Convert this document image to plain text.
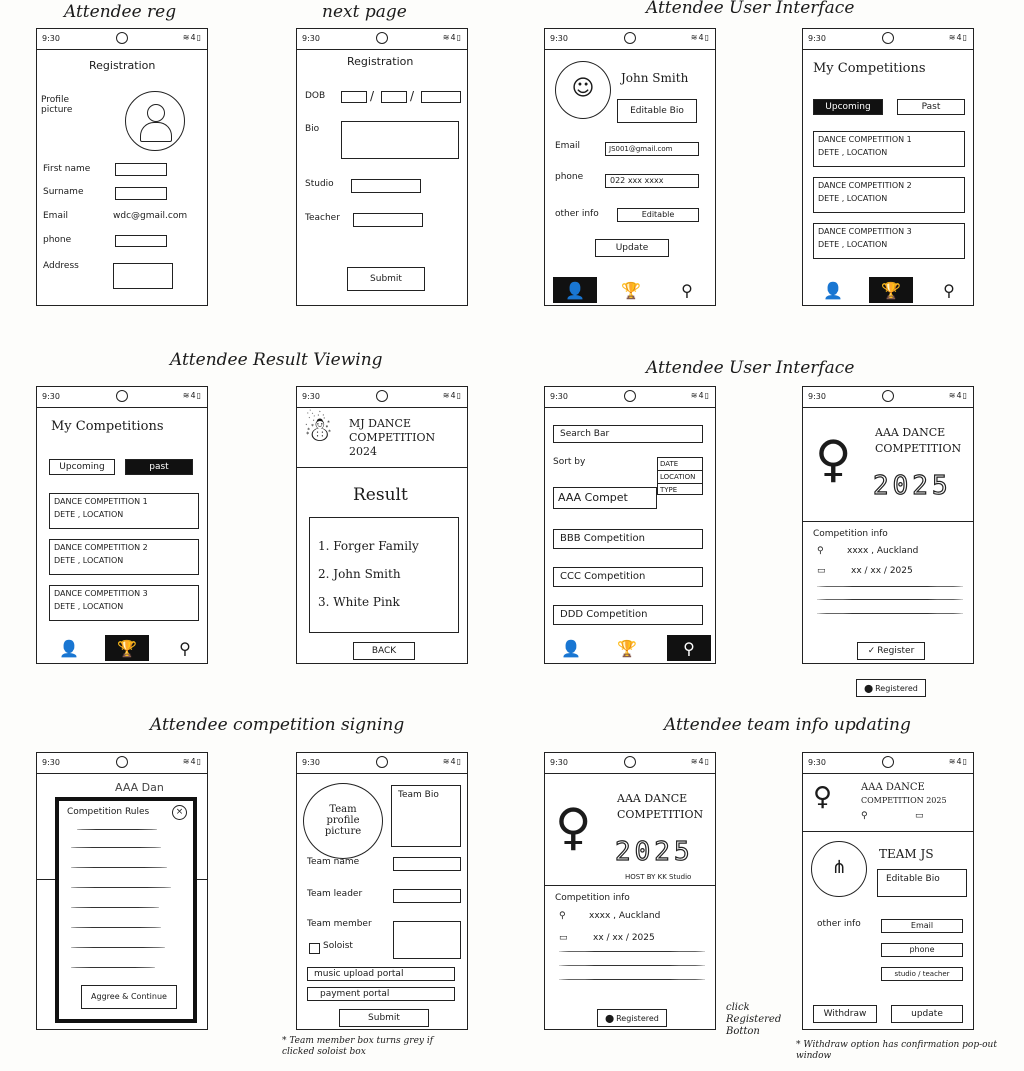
Attendee reg	next page	Attendee User Interface
Attendee Result Viewing	Attendee User Interface
Attendee competition signing	Attendee team info updating
9:30	≋4▯
Registration
Profile picture
First name
Surname
Email	wdc@gmail.com
phone
Address
9:30	≋4▯
Registration
DOB	/	/
Bio
Studio
Teacher
Submit
9:30	≋4▯
☺	John Smith
Editable Bio
Email	JS001@gmail.com
phone	022 xxx xxxx
other info	Editable
Update
👤	🏆	⚲
9:30	≋4▯
My Competitions
Upcoming	Past
DANCE COMPETITION 1
DETE , LOCATION
DANCE COMPETITION 2
DETE , LOCATION
DANCE COMPETITION 3
DETE , LOCATION
👤	🏆	⚲
9:30	≋4▯
My Competitions
Upcoming	past
DANCE COMPETITION 1
DETE , LOCATION
DANCE COMPETITION 2
DETE , LOCATION
DANCE COMPETITION 3
DETE , LOCATION
👤	🏆	⚲
9:30	≋4▯
☃ MJ DANCE
COMPETITION
2024
Result
1. Forger Family
2. John Smith
3. White Pink
BACK
9:30	≋4▯
Search Bar
Sort by	DATE
LOCATION
TYPE
AAA Compet
BBB Competition
CCC Competition
DDD Competition
👤	🏆	⚲
9:30	≋4▯
♀ AAA DANCE
COMPETITION
2025
Competition info
⚲	xxxx , Auckland
▭	xx / xx / 2025
✓ Register
⬤ Registered
9:30	≋4▯
AAA Dan
Competition Rules	×
Aggree & Continue
9:30	≋4▯
Team profile picture
Team Bio
Team name
Team leader
Team member
Soloist
music upload portal
payment portal
Submit
* Team member box turns grey if clicked soloist box
9:30	≋4▯
♀ AAA DANCE
COMPETITION
2025
HOST BY KK Studio
Competition info
⚲	xxxx , Auckland
▭	xx / xx / 2025
⬤ Registered
click Registered Botton
9:30	≋4▯
♀	AAA DANCE
COMPETITION 2025
⚲	▭
⋔
TEAM JS
Editable Bio
other info	Email
phone
studio / teacher
Withdraw	update
* Withdraw option has confirmation pop-out window
